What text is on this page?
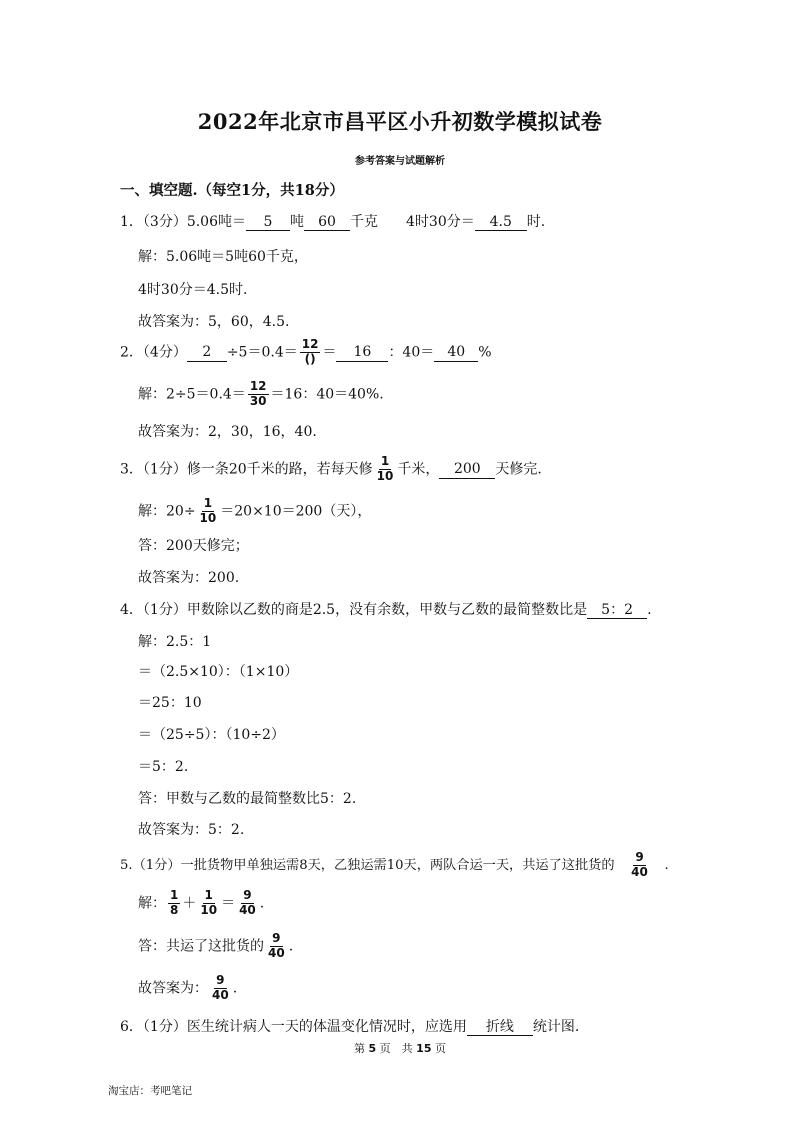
2022年北京市昌平区小升初数学模拟试卷
参考答案与试题解析
一、填空题.（每空1分，共18分）
1．（3分）5.06吨＝ 5 吨 60 千克　　4时30分＝ 4.5 时.
解：5.06吨＝5吨60千克，
4时30分＝4.5时.
故答案为：5，60，4.5.
2．（4分） $2 \div 5=0.4= \frac{12}{()} = 16$ ：40＝ 40 %
解：$2\div 5=0.4= \frac{12}{30} =16$：40＝40%.
故答案为：2，30，16，40.
3．（1分）修一条20千米的路，若每天修 $\frac{1}{10}$ 千米， 200 天修完.
解：$20\div \frac{1}{10} =20\times 10=200$（天），
答：200天修完；
故答案为：200.
4．（1分）甲数除以乙数的商是2.5，没有余数，甲数与乙数的最简整数比是 5：2 .
解：2.5：1
＝（2.5×10）：（1×10）
＝25：10
＝（25÷5）：（10÷2）
＝5：2.
答：甲数与乙数的最简整数比5：2.
故答案为：5：2.
5.（1分）一批货物甲单独运需8天，乙独运需10天，两队合运一天，共运了这批货的 $\frac{9}{40}$ .
解： $\frac{1}{8} + \frac{1}{10} = \frac{9}{40}$ .
答：共运了这批货的 $\frac{9}{40}$ .
故答案为： $\frac{9}{40}$ .
6．（1分）医生统计病人一天的体温变化情况时，应选用 折线 统计图.
第 5 页　共 15 页
淘宝店：考吧笔记
